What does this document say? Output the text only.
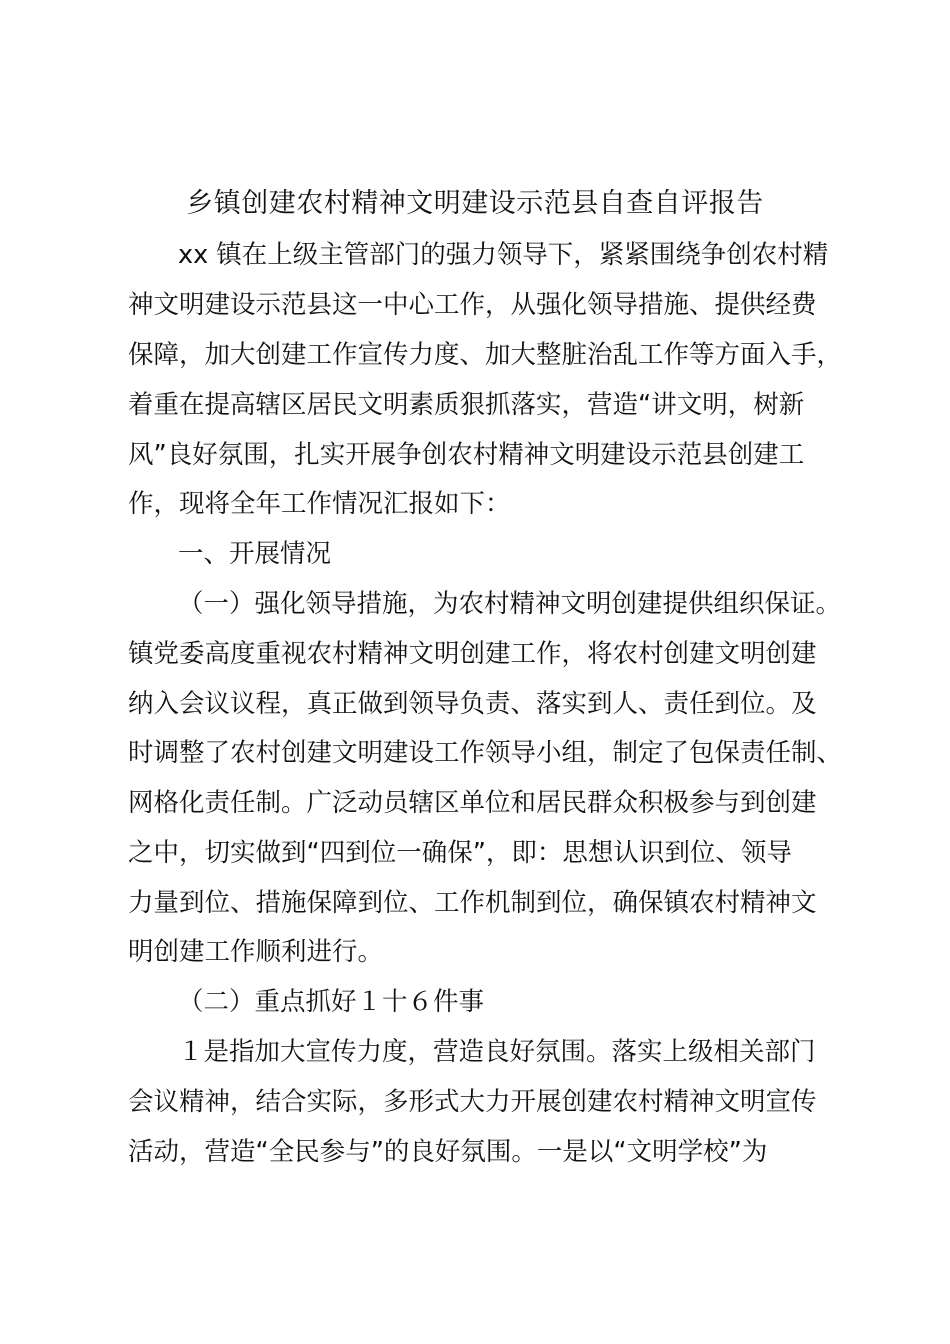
乡镇创建农村精神文明建设示范县自查自评报告

xx 镇在上级主管部门的强力领导下，紧紧围绕争创农村精

神文明建设示范县这一中心工作，从强化领导措施、提供经费

保障，加大创建工作宣传力度、加大整脏治乱工作等方面入手，

着重在提高辖区居民文明素质狠抓落实，营造“讲文明，树新

风”良好氛围，扎实开展争创农村精神文明建设示范县创建工

作，现将全年工作情况汇报如下：

一、开展情况

（一）强化领导措施，为农村精神文明创建提供组织保证。

镇党委高度重视农村精神文明创建工作，将农村创建文明创建

纳入会议议程，真正做到领导负责、落实到人、责任到位。及

时调整了农村创建文明建设工作领导小组，制定了包保责任制、

网格化责任制。广泛动员辖区单位和居民群众积极参与到创建

之中，切实做到“四到位一确保”，即：思想认识到位、领导

力量到位、措施保障到位、工作机制到位，确保镇农村精神文

明创建工作顺利进行。

（二）重点抓好１十６件事

１是指加大宣传力度，营造良好氛围。落实上级相关部门

会议精神，结合实际，多形式大力开展创建农村精神文明宣传

活动，营造“全民参与”的良好氛围。一是以“文明学校”为
